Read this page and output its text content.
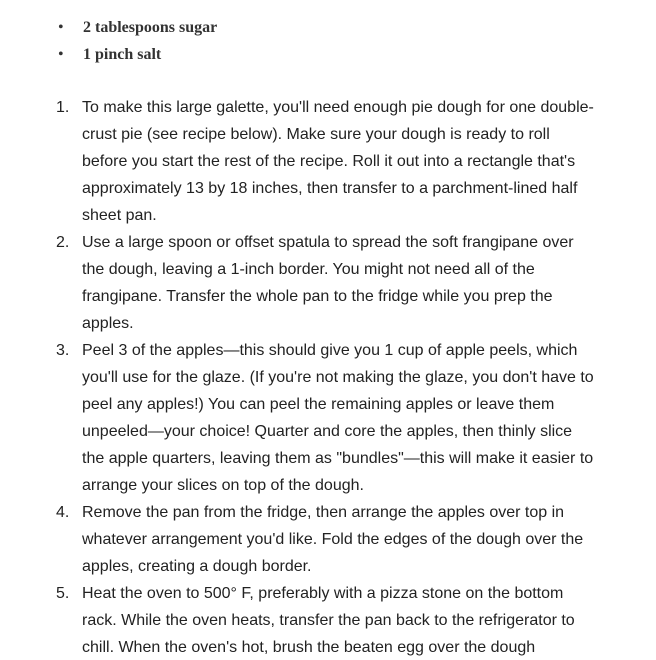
• 2 tablespoons sugar
• 1 pinch salt
1. To make this large galette, you'll need enough pie dough for one double-crust pie (see recipe below). Make sure your dough is ready to roll before you start the rest of the recipe. Roll it out into a rectangle that's approximately 13 by 18 inches, then transfer to a parchment-lined half sheet pan.
2. Use a large spoon or offset spatula to spread the soft frangipane over the dough, leaving a 1-inch border. You might not need all of the frangipane. Transfer the whole pan to the fridge while you prep the apples.
3. Peel 3 of the apples—this should give you 1 cup of apple peels, which you'll use for the glaze. (If you're not making the glaze, you don't have to peel any apples!) You can peel the remaining apples or leave them unpeeled—your choice! Quarter and core the apples, then thinly slice the apple quarters, leaving them as "bundles"—this will make it easier to arrange your slices on top of the dough.
4. Remove the pan from the fridge, then arrange the apples over top in whatever arrangement you'd like. Fold the edges of the dough over the apples, creating a dough border.
5. Heat the oven to 500° F, preferably with a pizza stone on the bottom rack. While the oven heats, transfer the pan back to the refrigerator to chill. When the oven's hot, brush the beaten egg over the dough
